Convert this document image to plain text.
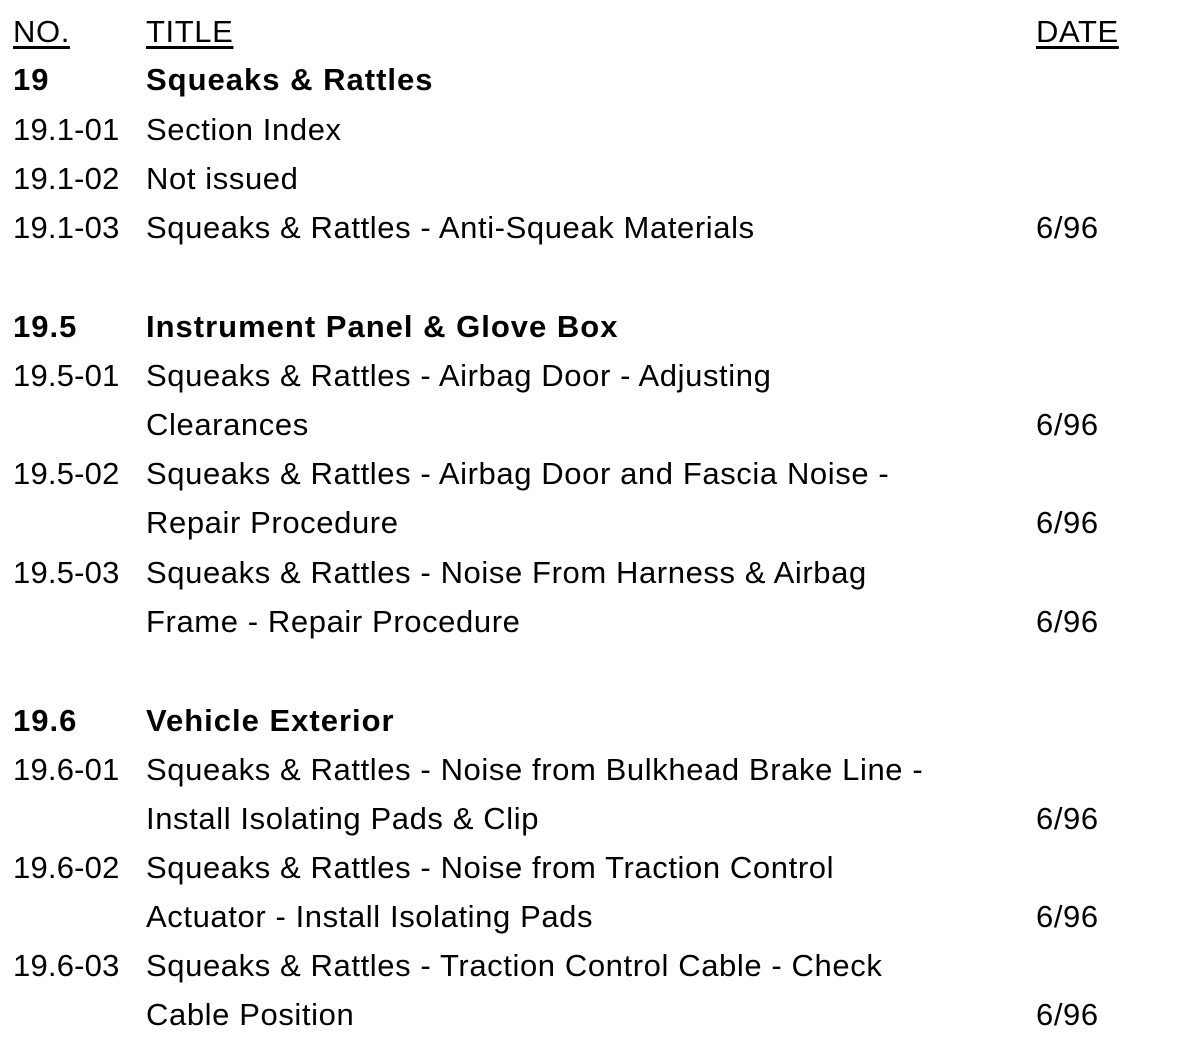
NO. TITLE	DATE
19	Squeaks & Rattles
19.1-01 Section Index
19.1-02 Not issued
19.1-03 Squeaks & Rattles - Anti-Squeak Materials	6/96
19.5 Instrument Panel & Glove Box
19.5-01 Squeaks & Rattles - Airbag Door - Adjusting
Clearances	6/96
19.5-02 Squeaks & Rattles - Airbag Door and Fascia Noise -
Repair Procedure	6/96
19.5-03 Squeaks & Rattles - Noise From Harness & Airbag
Frame - Repair Procedure	6/96
19.6 Vehicle Exterior
19.6-01 Squeaks & Rattles - Noise from Bulkhead Brake Line -
Install Isolating Pads & Clip	6/96
19.6-02 Squeaks & Rattles - Noise from Traction Control
Actuator - Install Isolating Pads	6/96
19.6-03 Squeaks & Rattles - Traction Control Cable - Check
Cable Position	6/96
